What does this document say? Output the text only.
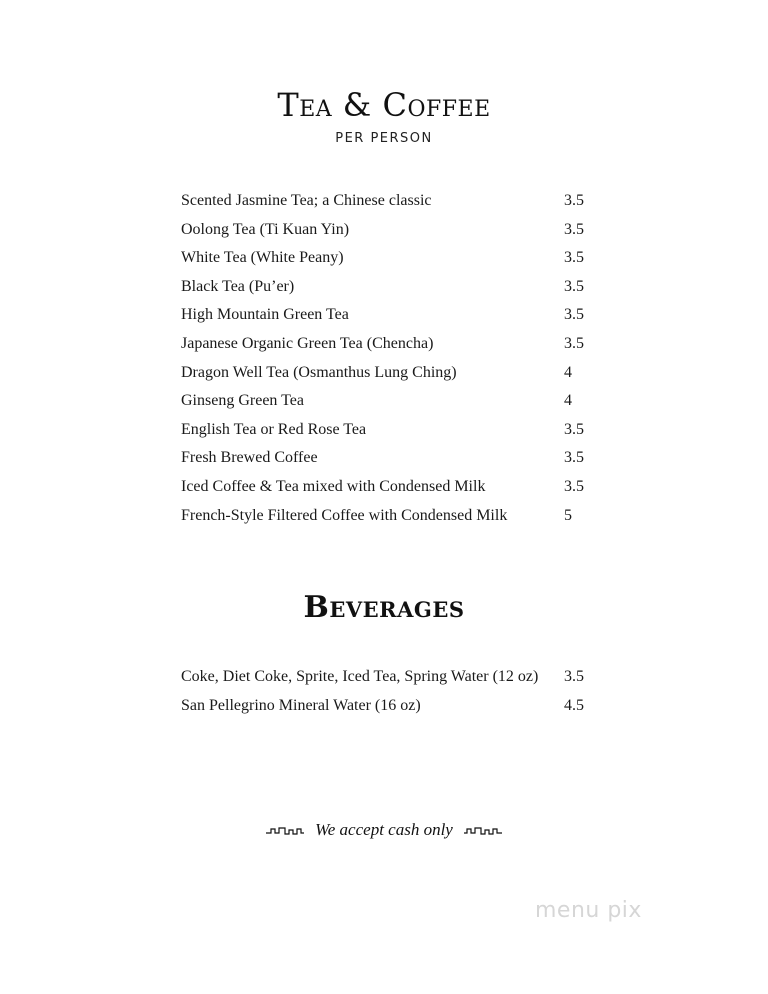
Tea & Coffee
PER PERSON
Scented Jasmine Tea; a Chinese classic	3.5
Oolong Tea (Ti Kuan Yin)	3.5
White Tea (White Peany)	3.5
Black Tea (Pu’er)	3.5
High Mountain Green Tea	3.5
Japanese Organic Green Tea (Chencha)	3.5
Dragon Well Tea (Osmanthus Lung Ching)	4
Ginseng Green Tea	4
English Tea or Red Rose Tea	3.5
Fresh Brewed Coffee	3.5
Iced Coffee & Tea mixed with Condensed Milk	3.5
French-Style Filtered Coffee with Condensed Milk	5
Beverages
Coke, Diet Coke, Sprite, Iced Tea, Spring Water (12 oz) 3.5
San Pellegrino Mineral Water (16 oz)	4.5
We accept cash only
menu pix
